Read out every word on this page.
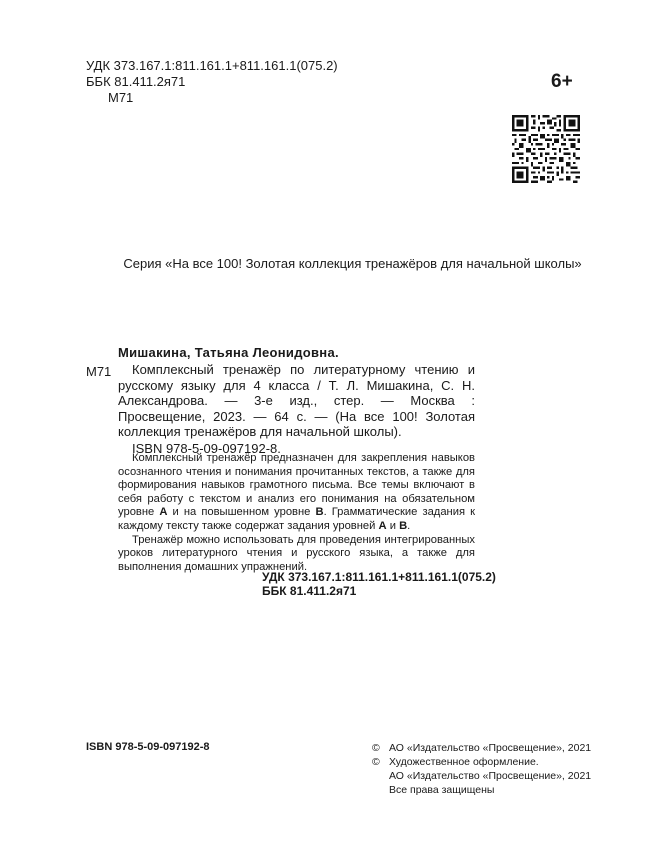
УДК 373.167.1:811.161.1+811.161.1(075.2)
ББК 81.411.2я71
М71
6+
Серия «На все 100! Золотая коллекция тренажёров для начальной школы»
Мишакина, Татьяна Леонидовна.
М71	Комплексный тренажёр по литературному чтению и русскому языку для 4 класса / Т. Л. Мишакина, С. Н. Александрова. — 3-е изд., стер. — Москва : Просвещение, 2023. — 64 с. — (На все 100! Золотая коллекция тренажёров для начальной школы).

ISBN 978-5-09-097192-8.

Комплексный тренажёр предназначен для закрепления навыков осознанного чтения и понимания прочитанных текстов, а также для формирования навыков грамотного письма. Все темы включают в себя работу с текстом и анализ его понимания на обязательном уровне А и на повышенном уровне В. Грамматические задания к каждому тексту также содержат задания уровней А и В.

Тренажёр можно использовать для проведения интегрированных уроков литературного чтения и русского языка, а также для выполнения домашних упражнений.

УДК 373.167.1:811.161.1+811.161.1(075.2)
ББК 81.411.2я71
ISBN 978-5-09-097192-8	© АО «Издательство «Просвещение», 2021
© Художественное оформление.
АО «Издательство «Просвещение», 2021
Все права защищены
